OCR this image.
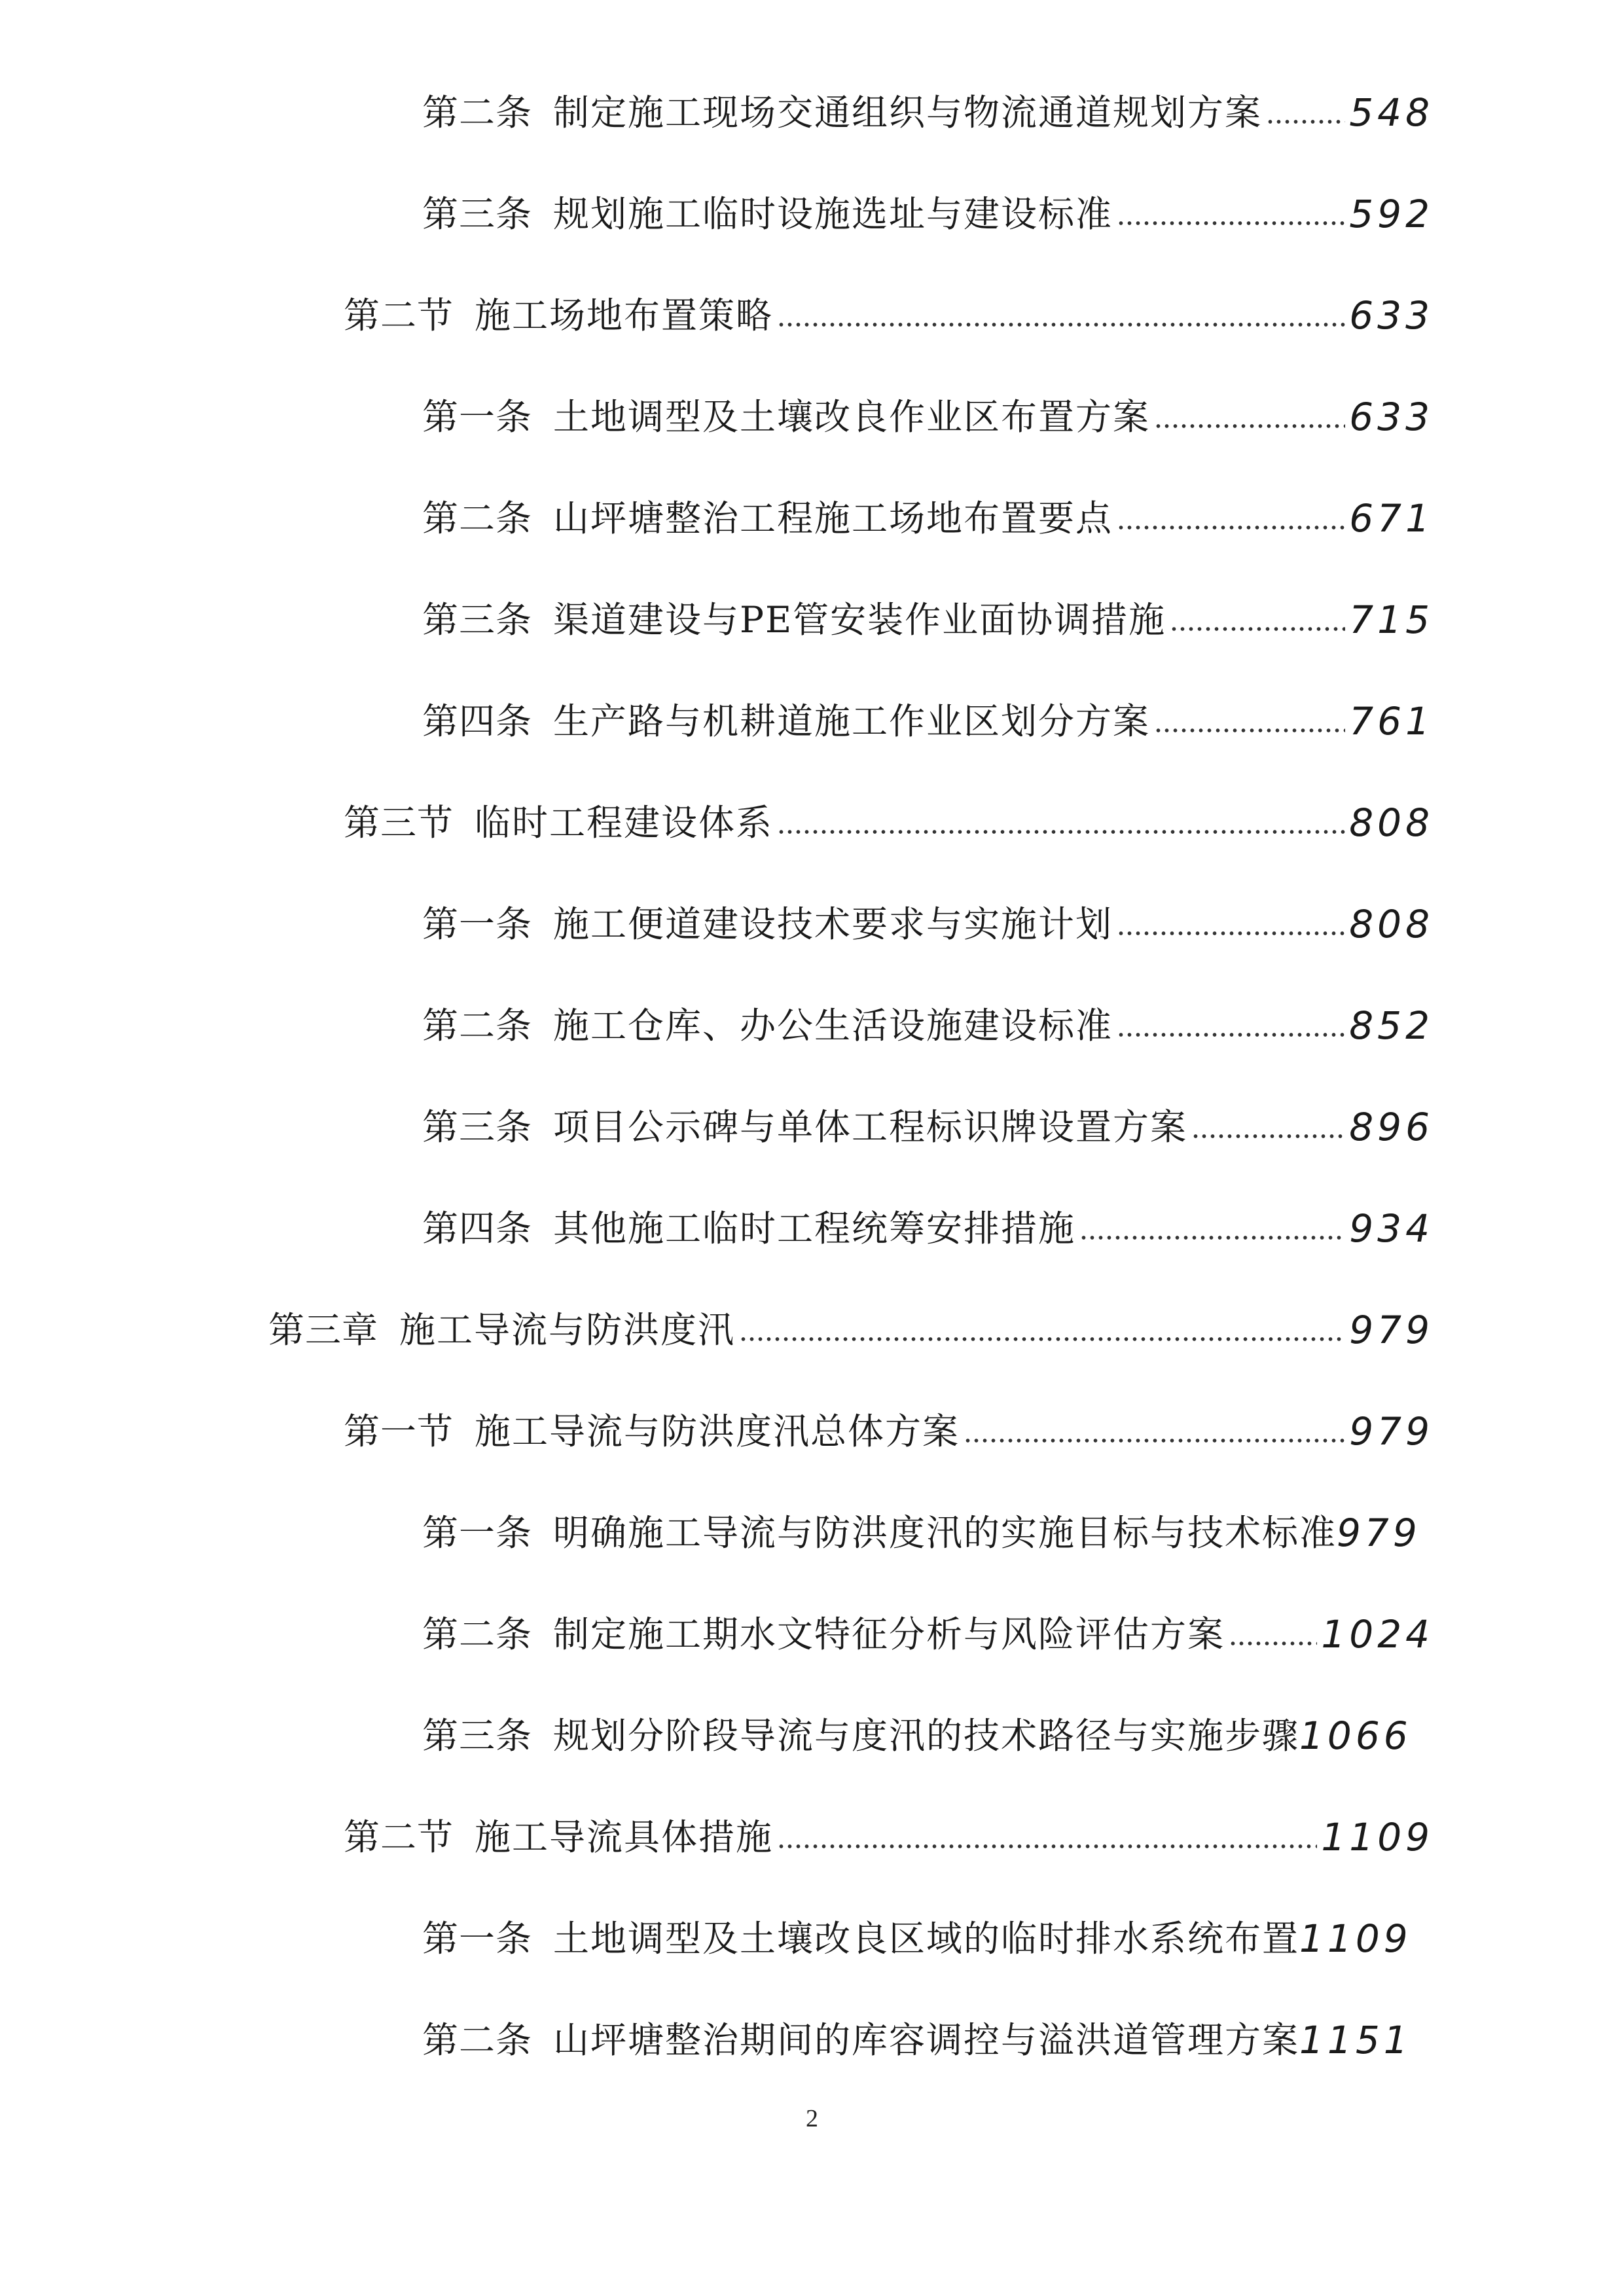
第二条 制定施工现场交通组织与物流通道规划方案 548
第三条 规划施工临时设施选址与建设标准	592
第二节 施工场地布置策略	633
第一条 土地调型及土壤改良作业区布置方案	633
第二条 山坪塘整治工程施工场地布置要点	671
第三条 渠道建设与PE管安装作业面协调措施	715
第四条 生产路与机耕道施工作业区划分方案	761
第三节 临时工程建设体系	808
第一条 施工便道建设技术要求与实施计划	808
第二条 施工仓库、办公生活设施建设标准	852
第三条 项目公示碑与单体工程标识牌设置方案	896
第四条 其他施工临时工程统筹安排措施	934
第三章 施工导流与防洪度汛	979
第一节 施工导流与防洪度汛总体方案	979
第一条 明确施工导流与防洪度汛的实施目标与技术标准 979
第二条 制定施工期水文特征分析与风险评估方案	1024
第三条 规划分阶段导流与度汛的技术路径与实施步骤 1066
第二节 施工导流具体措施	1109
第一条 土地调型及土壤改良区域的临时排水系统布置 1109
第二条 山坪塘整治期间的库容调控与溢洪道管理方案 1151
2
